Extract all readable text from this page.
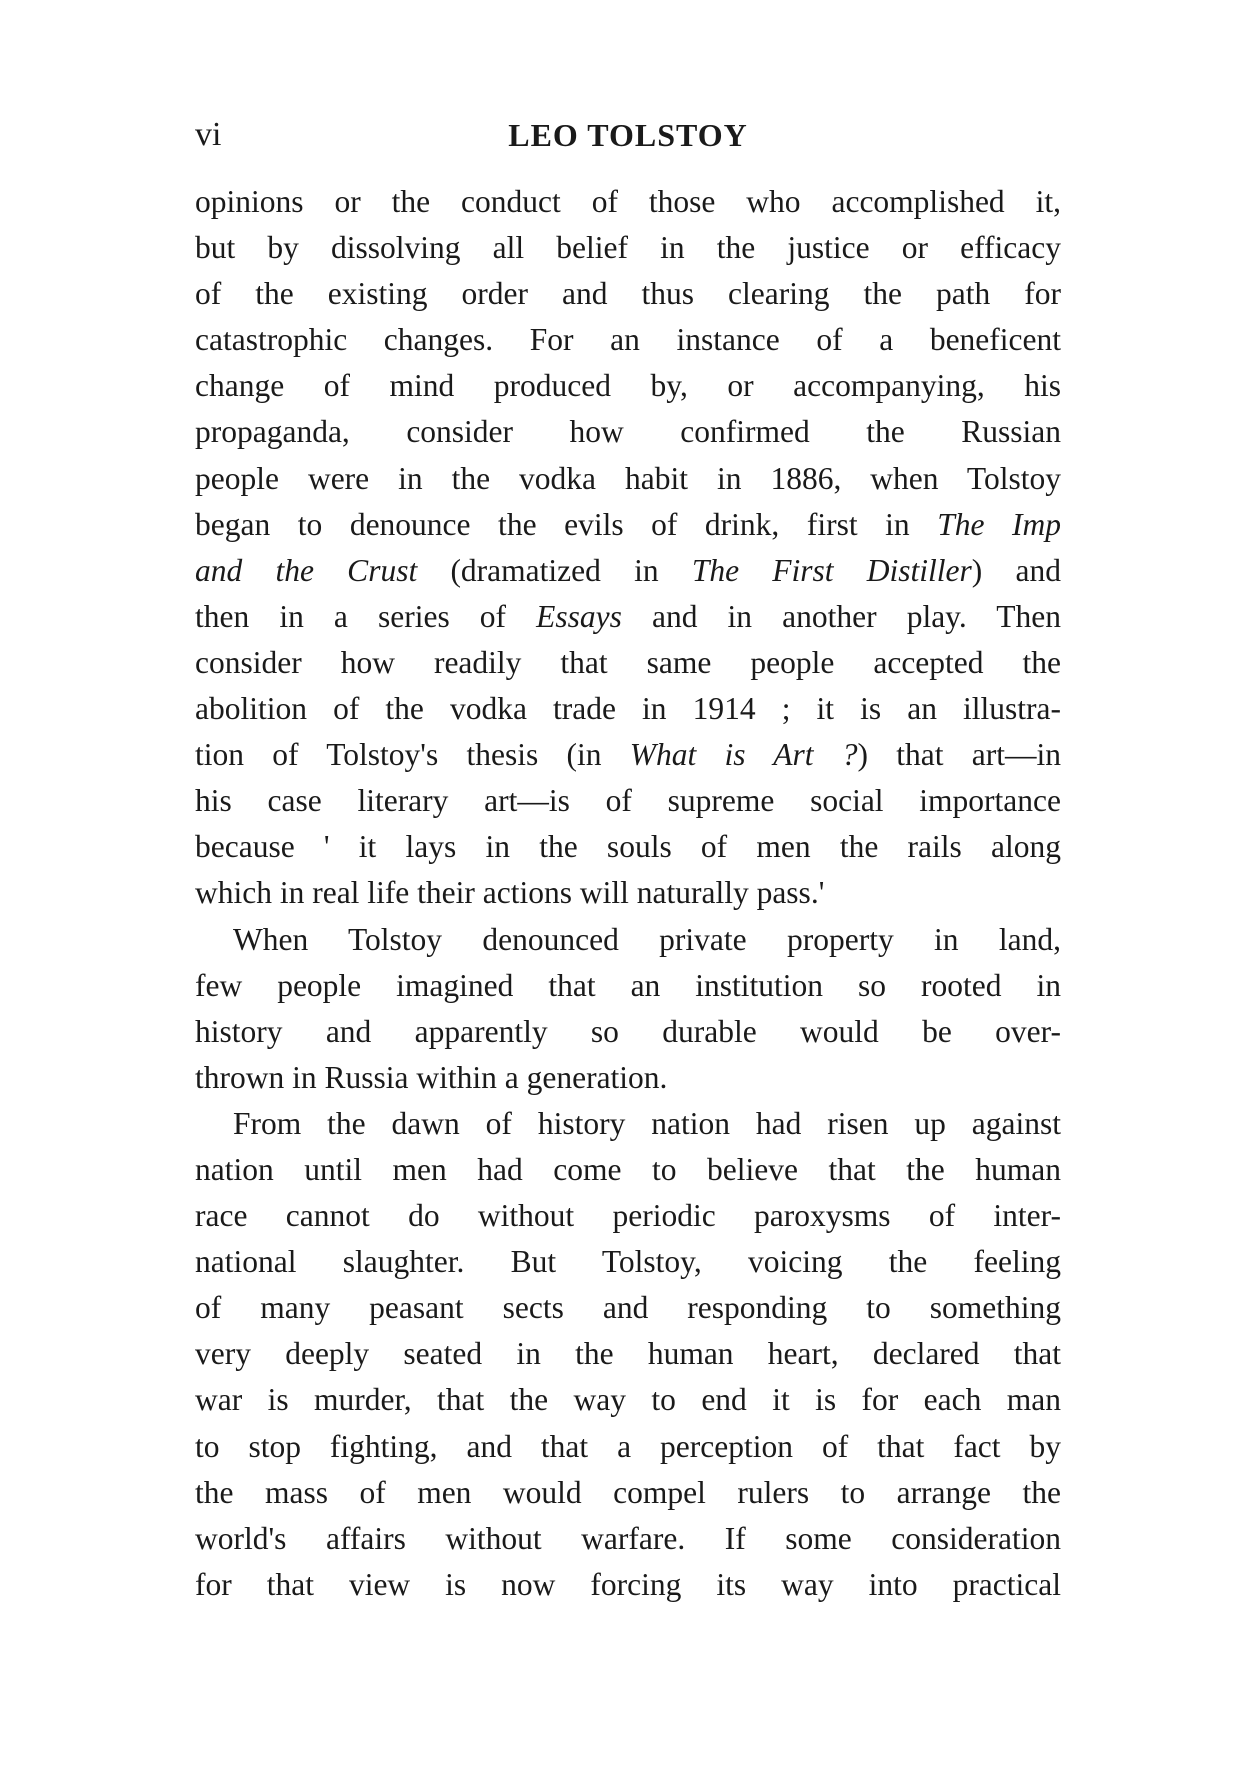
vi	LEO TOLSTOY
opinions or the conduct of those who accomplished it,
but by dissolving all belief in the justice or efficacy
of the existing order and thus clearing the path for
catastrophic changes. For an instance of a beneficent
change of mind produced by, or accompanying, his
propaganda, consider how confirmed the Russian
people were in the vodka habit in 1886, when Tolstoy
began to denounce the evils of drink, first in The Imp
and the Crust (dramatized in The First Distiller) and
then in a series of Essays and in another play. Then
consider how readily that same people accepted the
abolition of the vodka trade in 1914 ; it is an illustra-
tion of Tolstoy's thesis (in What is Art ?) that art—in
his case literary art—is of supreme social importance
because ' it lays in the souls of men the rails along
which in real life their actions will naturally pass.'
When Tolstoy denounced private property in land,
few people imagined that an institution so rooted in
history and apparently so durable would be over-
thrown in Russia within a generation.
From the dawn of history nation had risen up against
nation until men had come to believe that the human
race cannot do without periodic paroxysms of inter-
national slaughter. But Tolstoy, voicing the feeling
of many peasant sects and responding to something
very deeply seated in the human heart, declared that
war is murder, that the way to end it is for each man
to stop fighting, and that a perception of that fact by
the mass of men would compel rulers to arrange the
world's affairs without warfare. If some consideration
for that view is now forcing its way into practical
